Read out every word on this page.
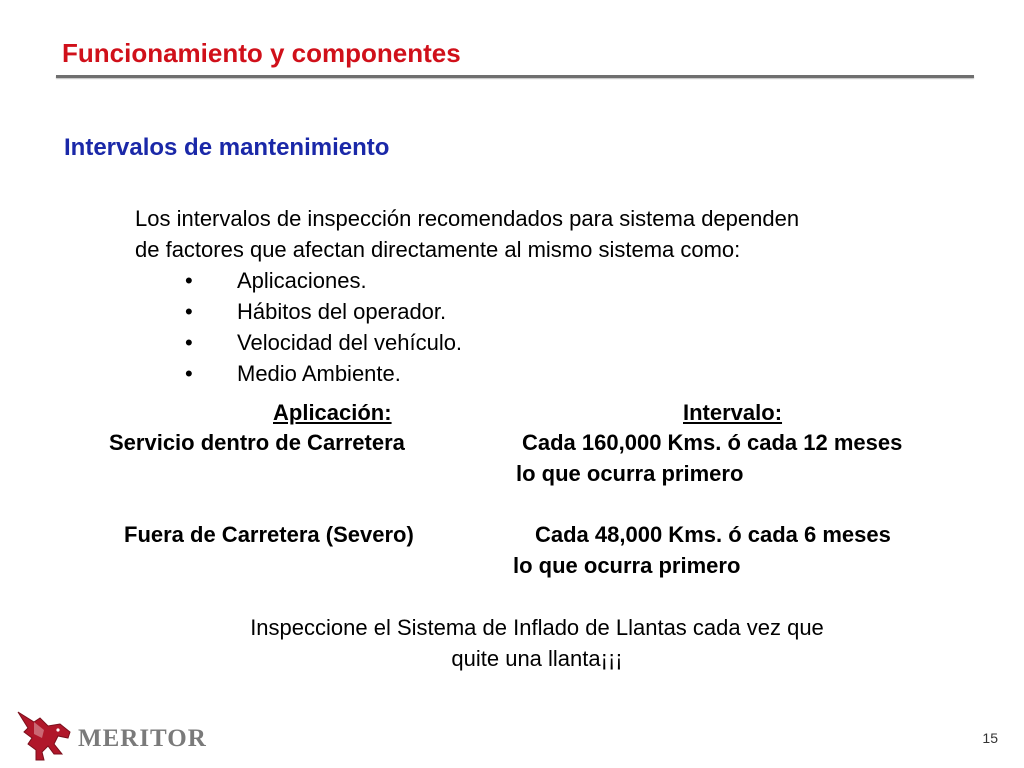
Funcionamiento y componentes
Intervalos de mantenimiento
Los intervalos de inspección recomendados para sistema dependen
de factores que afectan directamente al mismo sistema como:
• Aplicaciones.
• Hábitos del operador.
• Velocidad del vehículo.
• Medio Ambiente.
Aplicación:	Intervalo:
Servicio dentro de Carretera	Cada 160,000 Kms. ó cada 12 meses
lo que ocurra primero
Fuera de Carretera (Severo)	Cada 48,000 Kms. ó cada 6 meses
lo que ocurra primero
Inspeccione el Sistema de Inflado de Llantas cada vez que
quite una llanta¡¡¡
MERITOR	15
